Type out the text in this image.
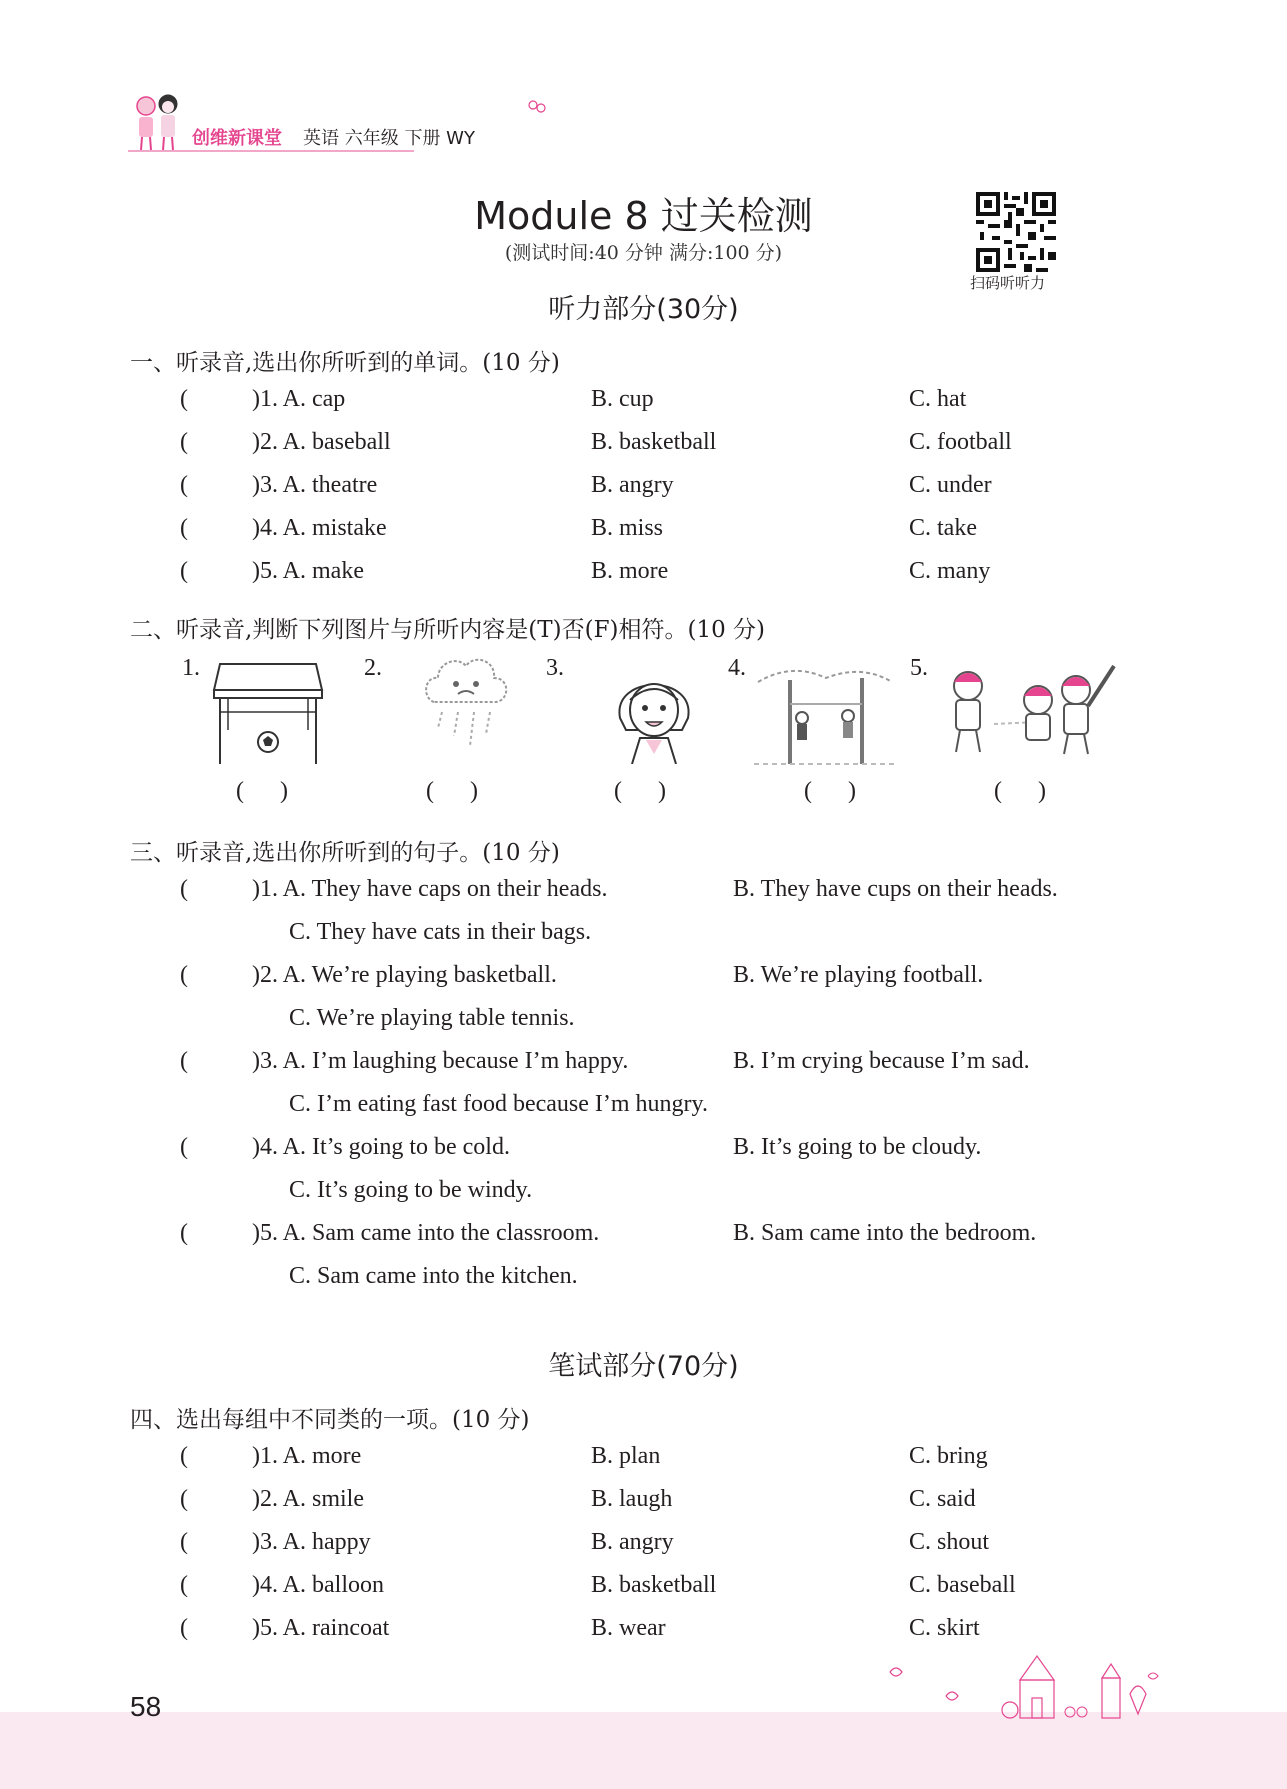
创维新课堂 英语 六年级 下册 WY
Module 8 过关检测
(测试时间:40 分钟 满分:100 分)
扫码听听力
听力部分(30分)
一、听录音,选出你所听到的单词。(10 分)
(	)1. A. cap	B. cup	C. hat
(	)2. A. baseball	B. basketball	C. football
(	)3. A. theatre	B. angry	C. under
(	)4. A. mistake	B. miss	C. take
(	)5. A. make	B. more	C. many
二、听录音,判断下列图片与所听内容是(T)否(F)相符。(10 分)
1.
(      )
2.
(      )
3.
(      )
4.
(      )
5.
(      )
三、听录音,选出你所听到的句子。(10 分)
(	)1. A. They have caps on their heads.	B. They have cups on their heads.
C. They have cats in their bags.
(	)2. A. We’re playing basketball.	B. We’re playing football.
C. We’re playing table tennis.
(	)3. A. I’m laughing because I’m happy.	B. I’m crying because I’m sad.
C. I’m eating fast food because I’m hungry.
(	)4. A. It’s going to be cold.	B. It’s going to be cloudy.
C. It’s going to be windy.
(	)5. A. Sam came into the classroom.	B. Sam came into the bedroom.
C. Sam came into the kitchen.
笔试部分(70分)
四、选出每组中不同类的一项。(10 分)
(	)1. A. more	B. plan	C. bring
(	)2. A. smile	B. laugh	C. said
(	)3. A. happy	B. angry	C. shout
(	)4. A. balloon	B. basketball	C. baseball
(	)5. A. raincoat	B. wear	C. skirt
58
